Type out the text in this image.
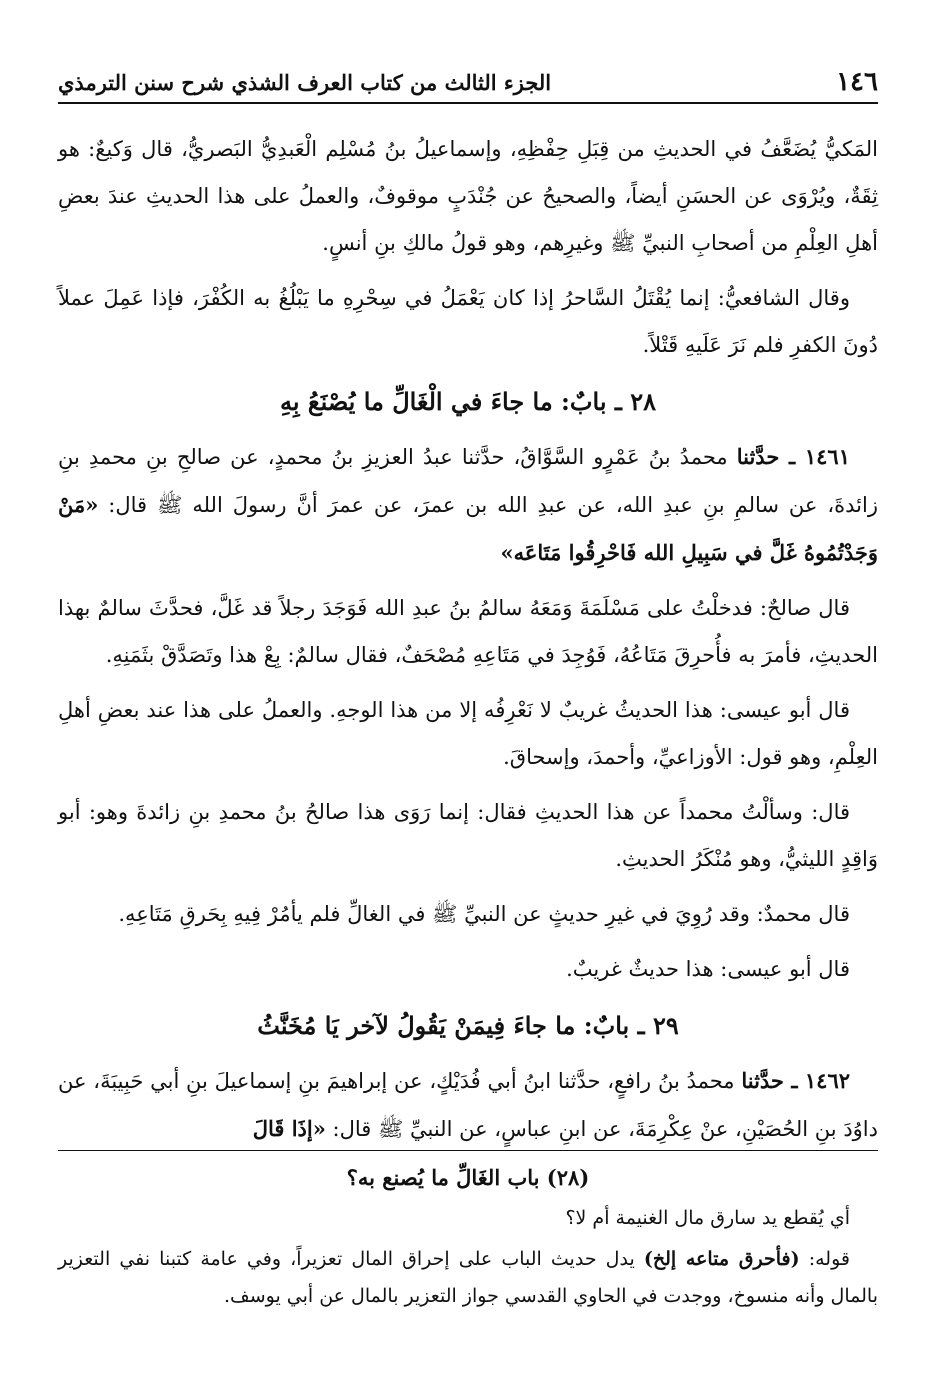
١٤٦
الجزء الثالث من كتاب العرف الشذي شرح سنن الترمذي

المَكيُّ يُضَعَّفُ في الحديثِ من قِبَلِ حِفْظِهِ، وإسماعيلُ بنُ مُسْلِم الْعَبدِيُّ البَصريُّ، قال وَكيعٌ: هو ثِقَةٌ، ويُرْوَى عن الحسَنِ أيضاً، والصحيحُ عن جُنْدَبٍ موقوفٌ، والعملُ على هذا الحديثِ عندَ بعضِ أهلِ العِلْمِ من أصحابِ النبيِّ ﷺ وغيرِهم، وهو قولُ مالكِ بنِ أنسٍ.

وقال الشافعيُّ: إنما يُقْتَلُ السَّاحرُ إذا كان يَعْمَلُ في سِحْرِهِ ما يَبْلُغُ به الكُفْرَ، فإذا عَمِلَ عملاً دُونَ الكفرِ فلم نَرَ عَلَيهِ قَتْلاً.

٢٨ ـ بابٌ: ما جاءَ في الْغَالِّ ما يُصْنَعُ بِهِ

١٤٦١ ـ حدَّثنا محمدُ بنُ عَمْرٍو السَّوَّاقُ، حدَّثنا عبدُ العزيزِ بنُ محمدٍ، عن صالحِ بنِ محمدِ بنِ زائدةَ، عن سالمِ بنِ عبدِ الله، عن عبدِ الله بن عمرَ، عن عمرَ أنَّ رسولَ الله ﷺ قال: «مَنْ وَجَدْتُمُوهُ غَلَّ في سَبِيلِ الله فَاحْرِقُوا مَتَاعَه»

قال صالحٌ: فدخلْتُ على مَسْلَمَةَ وَمَعَهُ سالمُ بنُ عبدِ الله فَوَجَدَ رجلاً قد غَلَّ، فحدَّثَ سالمٌ بهذا الحديثِ، فأمرَ به فأُحرِقَ مَتَاعُهُ، فَوُجِدَ في مَتَاعِهِ مُصْحَفٌ، فقال سالمٌ: بِعْ هذا وتَصَدَّقْ بثَمَنِهِ.

قال أبو عيسى: هذا الحديثُ غريبٌ لا نَعْرِفُه إلا من هذا الوجهِ. والعملُ على هذا عند بعضِ أهلِ العِلْمِ، وهو قول: الأوزاعيِّ، وأحمدَ، وإسحاقَ.

قال: وسألْتُ محمداً عن هذا الحديثِ فقال: إنما رَوَى هذا صالحُ بنُ محمدِ بنِ زائدةَ وهو: أبو وَاقِدٍ الليثيُّ، وهو مُنْكَرُ الحديثِ.

قال محمدٌ: وقد رُوِيَ في غيرِ حديثٍ عن النبيِّ ﷺ في الغالِّ فلم يأمُرْ فِيهِ بِحَرقِ مَتَاعِهِ.

قال أبو عيسى: هذا حديثٌ غريبٌ.

٢٩ ـ بابٌ: ما جاءَ فِيمَنْ يَقُولُ لآخر يَا مُخَنَّثُ

١٤٦٢ ـ حدَّثنا محمدُ بنُ رافعٍ، حدَّثنا ابنُ أبي فُدَيْكٍ، عن إبراهيمَ بنِ إسماعيلَ بنِ أبي حَبِيبَةَ، عن داوُدَ بنِ الحُصَيْنِ، عنْ عِكْرِمَةَ، عن ابنِ عباسٍ، عن النبيِّ ﷺ قال: «إذَا قَالَ

(٢٨) باب الغَالِّ ما يُصنع به؟

أي يُقطع يد سارق مال الغنيمة أم لا؟

قوله: (فأحرق متاعه إلخ) يدل حديث الباب على إحراق المال تعزيراً، وفي عامة كتبنا نفي التعزير بالمال وأنه منسوخ، ووجدت في الحاوي القدسي جواز التعزير بالمال عن أبي يوسف.
